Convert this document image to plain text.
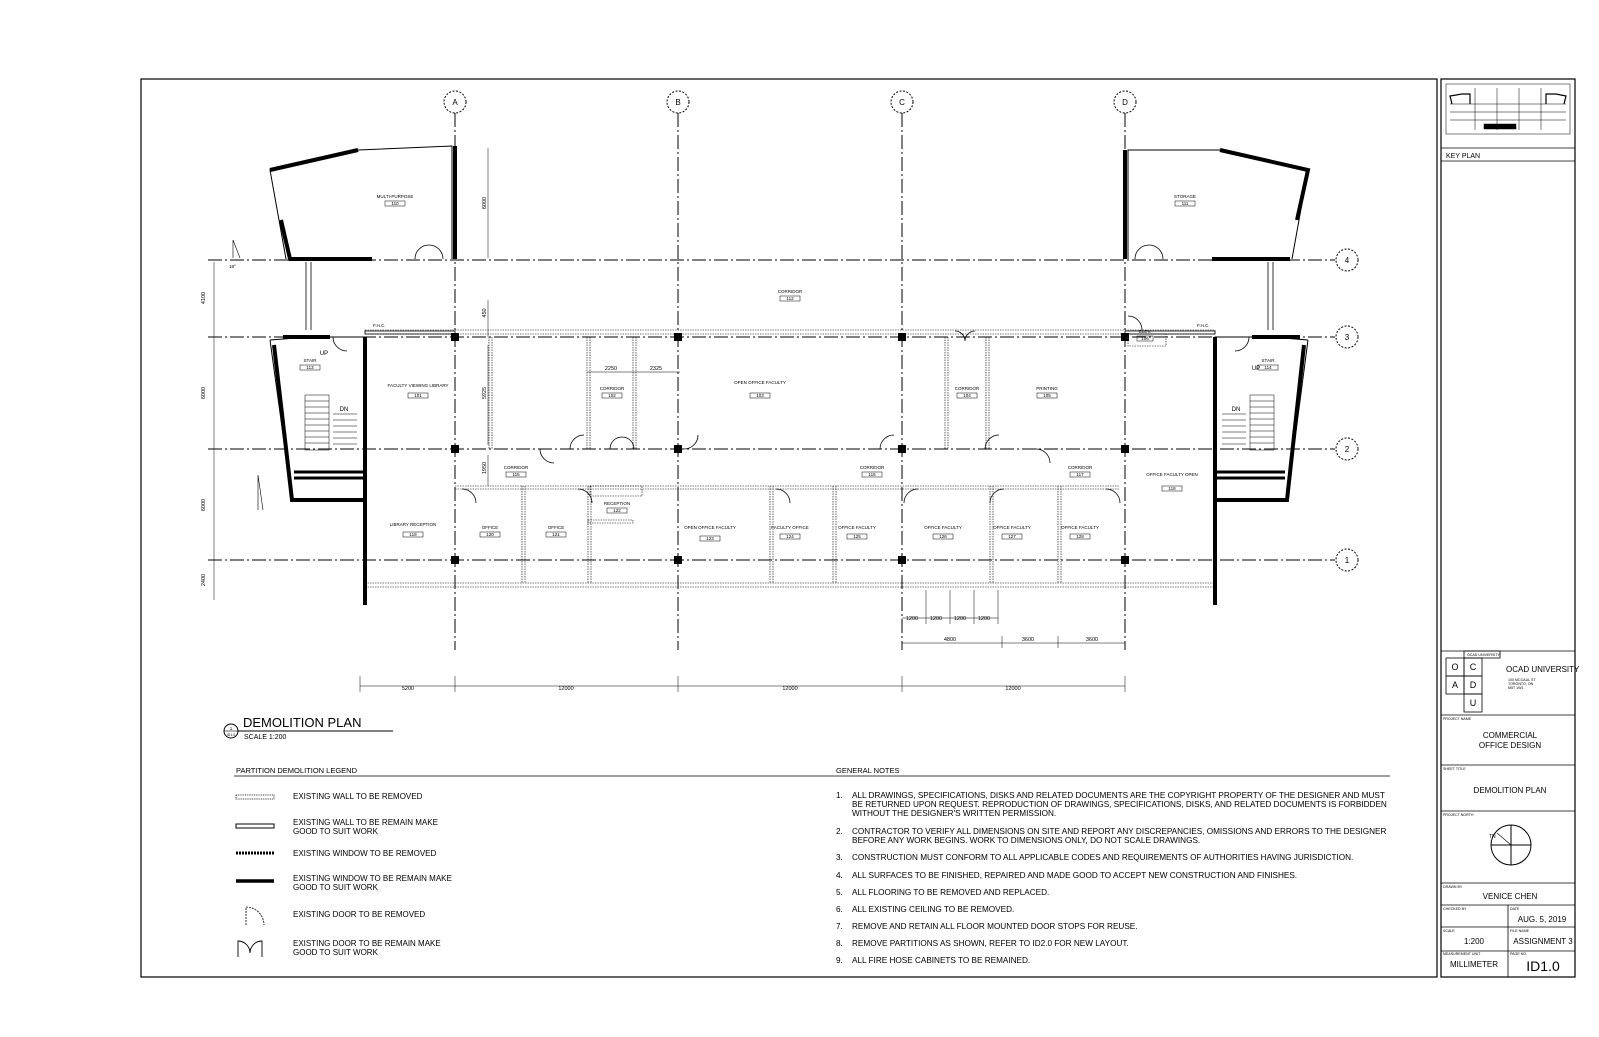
A	B	C	D
4
3
2
1
UP
DN
UP
DN
MULTI-PURPOSE
110
STORAGE
111
CORRIDOR
112
STAIR
113
STAIR
114
FACULTY VIEWING LIBRARY
101
CORRIDOR
102
OPEN OFFICE FACULTY
103
CORRIDOR
104
PRINTING
105
ELEV.
106
CORRIDOR
115
CORRIDOR
116
CORRIDOR
117	OFFICE FACULTY OPEN
118
LIBRARY RECEPTION
119
OFFICE
120
OFFICE
121
RECEPTION
122
OPEN OFFICE FACULTY
123
FACULTY OFFICE
124
OFFICE FACULTY
125
OFFICE FACULTY
126
OFFICE FACULTY
127
OFFICE FACULTY
128
F.H.C.	F.H.C.
18°
5200	12000	12000	12000
4800	3600	3600
1200 1200 1200 1200
4100
6000
6000
2400
6000
450
5925
1950
2250	2325
1
ID1.0
DEMOLITION PLAN
SCALE 1:200
PARTITION DEMOLITION LEGEND
EXISTING WALL TO BE REMOVED
EXISTING WALL TO BE REMAIN MAKE
GOOD TO SUIT WORK
EXISTING WINDOW TO BE REMOVED
EXISTING WINDOW TO BE REMAIN MAKE
GOOD TO SUIT WORK
EXISTING DOOR TO BE REMOVED
EXISTING DOOR TO BE REMAIN MAKE
GOOD TO SUIT WORK
GENERAL NOTES
1. ALL DRAWINGS, SPECIFICATIONS, DISKS AND RELATED DOCUMENTS ARE THE COPYRIGHT PROPERTY OF THE DESIGNER AND MUST
BE RETURNED UPON REQUEST. REPRODUCTION OF DRAWINGS, SPECIFICATIONS, DISKS, AND RELATED DOCUMENTS IS FORBIDDEN
WITHOUT THE DESIGNER'S WRITTEN PERMISSION.
2. CONTRACTOR TO VERIFY ALL DIMENSIONS ON SITE AND REPORT ANY DISCREPANCIES, OMISSIONS AND ERRORS TO THE DESIGNER
BEFORE ANY WORK BEGINS. WORK TO DIMENSIONS ONLY, DO NOT SCALE DRAWINGS.
3. CONSTRUCTION MUST CONFORM TO ALL APPLICABLE CODES AND REQUIREMENTS OF AUTHORITIES HAVING JURISDICTION.
4. ALL SURFACES TO BE FINISHED, REPAIRED AND MADE GOOD TO ACCEPT NEW CONSTRUCTION AND FINISHES.
5. ALL FLOORING TO BE REMOVED AND REPLACED.
6. ALL EXISTING CEILING TO BE REMOVED.
7. REMOVE AND RETAIN ALL FLOOR MOUNTED DOOR STOPS FOR REUSE.
8. REMOVE PARTITIONS AS SHOWN, REFER TO ID2.0 FOR NEW LAYOUT.
9. ALL FIRE HOSE CABINETS TO BE REMAINED.
KEY PLAN
O C
A D
U
OCAD UNIVERSITY
OCAD UNIVERSITY
100 MCCAUL ST
TORONTO, ON
M5T 1W1
PROJECT NAME
COMMERCIAL
OFFICE DESIGN
SHEET TITLE
DEMOLITION PLAN
PROJECT NORTH
TN
DRAWN BY
VENICE CHEN
CHECKED BY	DATE
AUG. 5, 2019
SCALE
1:200
FILE NAME
ASSIGNMENT 3
MEASUREMENT UNIT
MILLIMETER
PAGE NO.
ID1.0
